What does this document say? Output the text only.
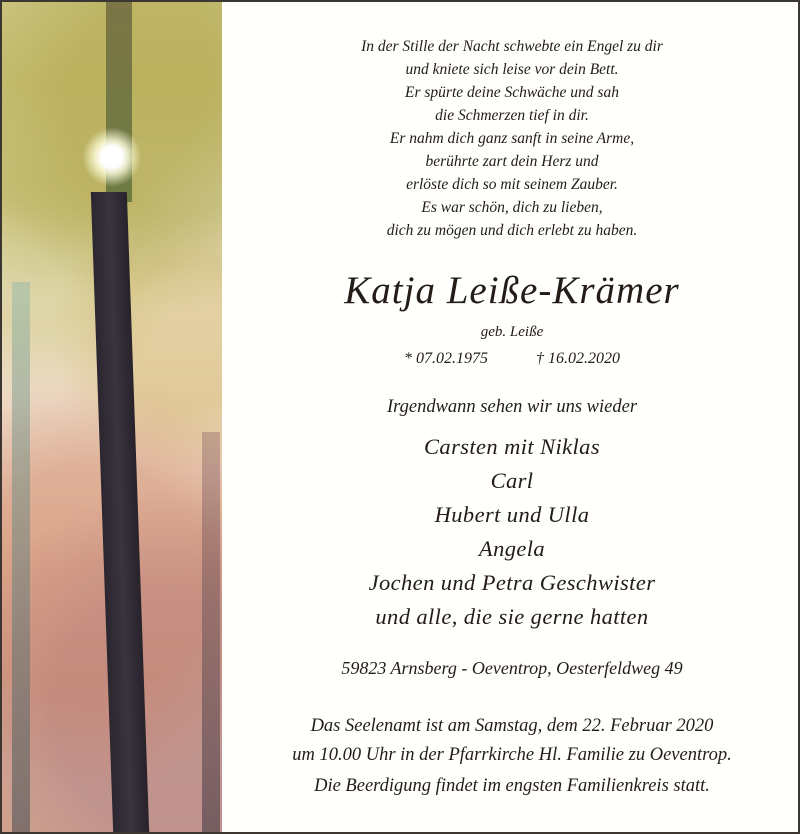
In der Stille der Nacht schwebte ein Engel zu dir
und kniete sich leise vor dein Bett.
Er spürte deine Schwäche und sah
die Schmerzen tief in dir.
Er nahm dich ganz sanft in seine Arme,
berührte zart dein Herz und
erlöste dich so mit seinem Zauber.
Es war schön, dich zu lieben,
dich zu mögen und dich erlebt zu haben.
Katja Leiße-Krämer
geb. Leiße
* 07.02.1975	† 16.02.2020
Irgendwann sehen wir uns wieder
Carsten mit Niklas
Carl
Hubert und Ulla
Angela
Jochen und Petra Geschwister
und alle, die sie gerne hatten
59823 Arnsberg - Oeventrop, Oesterfeldweg 49
Das Seelenamt ist am Samstag, dem 22. Februar 2020
um 10.00 Uhr in der Pfarrkirche Hl. Familie zu Oeventrop.
Die Beerdigung findet im engsten Familienkreis statt.
